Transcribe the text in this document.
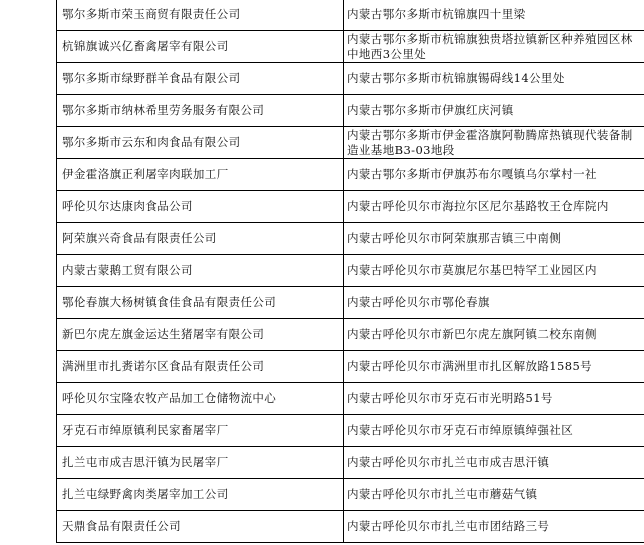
	鄂尔多斯市荣玉商贸有限责任公司	内蒙古鄂尔多斯市杭锦旗四十里梁

	杭锦旗诚兴亿畜禽屠宰有限公司	内蒙古鄂尔多斯市杭锦旗独贵塔拉镇新区种养殖园区林中地西3公里处

	鄂尔多斯市绿野群羊食品有限公司	内蒙古鄂尔多斯市杭锦旗锡碍线14公里处

	鄂尔多斯市纳林希里劳务服务有限公司	内蒙古鄂尔多斯市伊旗红庆河镇

	鄂尔多斯市云东和肉食品有限公司	内蒙古鄂尔多斯市伊金霍洛旗阿勒腾席热镇现代装备制造业基地B3-03地段

	伊金霍洛旗正利屠宰肉联加工厂	内蒙古鄂尔多斯市伊旗苏布尔嘎镇乌尔掌村一社

	呼伦贝尔达康肉食品公司	内蒙古呼伦贝尔市海拉尔区尼尔基路牧王仓库院内

	阿荣旗兴奇食品有限责任公司	内蒙古呼伦贝尔市阿荣旗那吉镇三中南侧

	内蒙古蒙鹅工贸有限公司	内蒙古呼伦贝尔市莫旗尼尔基巴特罕工业园区内

	鄂伦春旗大杨树镇食佳食品有限责任公司	内蒙古呼伦贝尔市鄂伦春旗

	新巴尔虎左旗金运达生猪屠宰有限公司	内蒙古呼伦贝尔市新巴尔虎左旗阿镇二校东南侧

	满洲里市扎赉诺尔区食品有限责任公司	内蒙古呼伦贝尔市满洲里市扎区解放路1585号

	呼伦贝尔宝隆农牧产品加工仓储物流中心	内蒙古呼伦贝尔市牙克石市光明路51号

	牙克石市绰原镇利民家畜屠宰厂	内蒙古呼伦贝尔市牙克石市绰原镇绰强社区

	扎兰屯市成吉思汗镇为民屠宰厂	内蒙古呼伦贝尔市扎兰屯市成吉思汗镇

	扎兰屯绿野禽肉类屠宰加工公司	内蒙古呼伦贝尔市扎兰屯市蘑菇气镇

	天鼎食品有限责任公司	内蒙古呼伦贝尔市扎兰屯市团结路三号
